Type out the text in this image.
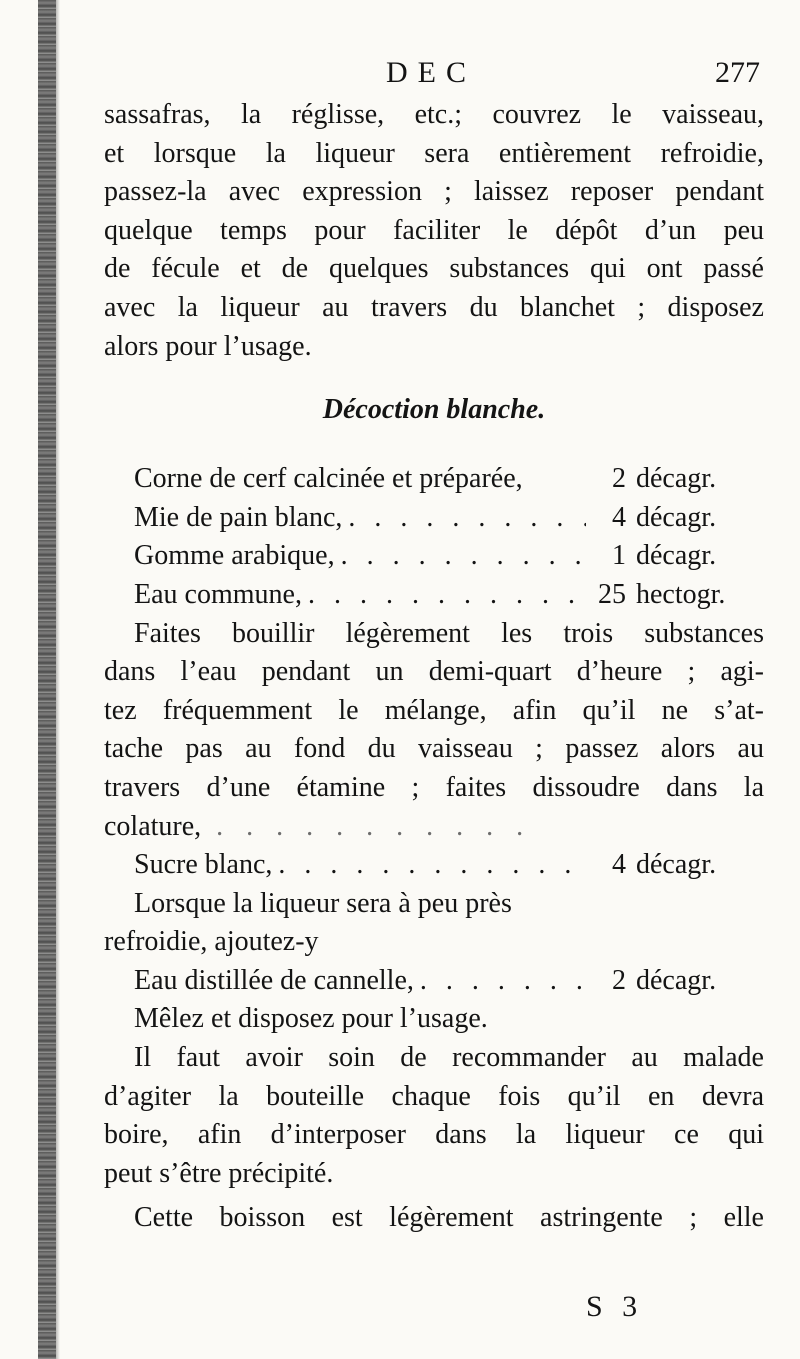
DEC	277
sassafras, la réglisse, etc.; couvrez le vaisseau,
et lorsque la liqueur sera entièrement refroidie,
passez-la avec expression ; laissez reposer pendant
quelque temps pour faciliter le dépôt d’un peu
de fécule et de quelques substances qui ont passé
avec la liqueur au travers du blanchet ; disposez
alors pour l’usage.
Décoction blanche.
Corne de cerf calcinée et préparée,	2 décagr.
Mie de pain blanc, . . .	4 décagr.
Gomme arabique, . . .	1 décagr.
Eau commune, . . .	25 hectogr.
Faites bouillir légèrement les trois substances
dans l’eau pendant un demi-quart d’heure ; agi-
tez fréquemment le mélange, afin qu’il ne s’at-
tache pas au fond du vaisseau ; passez alors au
travers d’une étamine ; faites dissoudre dans la
colature, . . . . . . . . . . .
Sucre blanc, . . .	4 décagr.
Lorsque la liqueur sera à peu près
refroidie, ajoutez-y
Eau distillée de cannelle, . . .	2 décagr.
Mêlez et disposez pour l’usage.
Il faut avoir soin de recommander au malade
d’agiter la bouteille chaque fois qu’il en devra
boire, afin d’interposer dans la liqueur ce qui
peut s’être précipité.
Cette boisson est légèrement astringente ; elle
S 3
